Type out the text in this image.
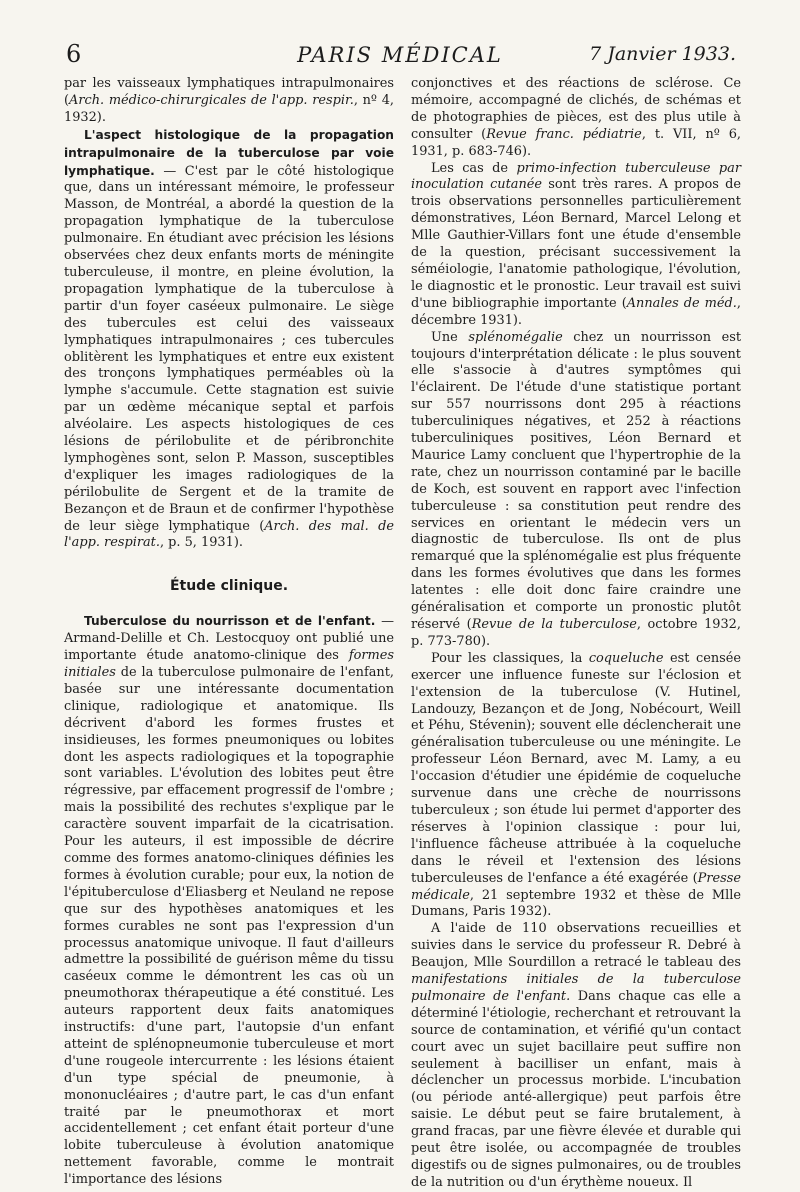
6	PARIS MÉDICAL	7 Janvier 1933.

par les vaisseaux lymphatiques intrapulmonaires (Arch. médico-chirurgicales de l'app. respir., nº 4, 1932).

L'aspect histologique de la propagation intrapulmonaire de la tuberculose par voie lymphatique. — C'est par le côté histologique que, dans un intéressant mémoire, le professeur Masson, de Montréal, a abordé la question de la propagation lymphatique de la tuberculose pulmonaire. En étudiant avec précision les lésions observées chez deux enfants morts de méningite tuberculeuse, il montre, en pleine évolution, la propagation lymphatique de la tuberculose à partir d'un foyer caséeux pulmonaire. Le siège des tubercules est celui des vaisseaux lymphatiques intrapulmonaires ; ces tubercules oblitèrent les lymphatiques et entre eux existent des tronçons lymphatiques perméables où la lymphe s'accumule. Cette stagnation est suivie par un œdème mécanique septal et parfois alvéolaire. Les aspects histologiques de ces lésions de périlobulite et de péribronchite lymphogènes sont, selon P. Masson, susceptibles d'expliquer les images radiologiques de la périlobulite de Sergent et de la tramite de Bezançon et de Braun et de confirmer l'hypothèse de leur siège lymphatique (Arch. des mal. de l'app. respirat., p. 5, 1931).

Étude clinique.

Tuberculose du nourrisson et de l'enfant. — Armand-Delille et Ch. Lestocquoy ont publié une importante étude anatomo-clinique des formes initiales de la tuberculose pulmonaire de l'enfant, basée sur une intéressante documentation clinique, radiologique et anatomique. Ils décrivent d'abord les formes frustes et insidieuses, les formes pneumoniques ou lobites dont les aspects radiologiques et la topographie sont variables. L'évolution des lobites peut être régressive, par effacement progressif de l'ombre ; mais la possibilité des rechutes s'explique par le caractère souvent imparfait de la cicatrisation. Pour les auteurs, il est impossible de décrire comme des formes anatomo-cliniques définies les formes à évolution curable; pour eux, la notion de l'épituberculose d'Eliasberg et Neuland ne repose que sur des hypothèses anatomiques et les formes curables ne sont pas l'expression d'un processus anatomique univoque. Il faut d'ailleurs admettre la possibilité de guérison même du tissu caséeux comme le démontrent les cas où un pneumothorax thérapeutique a été constitué. Les auteurs rapportent deux faits anatomiques instructifs: d'une part, l'autopsie d'un enfant atteint de splénopneumonie tuberculeuse et mort d'une rougeole intercurrente : les lésions étaient d'un type spécial de pneumonie, à mononucléaires ; d'autre part, le cas d'un enfant traité par le pneumothorax et mort accidentellement ; cet enfant était porteur d'une lobite tuberculeuse à évolution anatomique nettement favorable, comme le montrait l'importance des lésions

conjonctives et des réactions de sclérose. Ce mémoire, accompagné de clichés, de schémas et de photographies de pièces, est des plus utile à consulter (Revue franc. pédiatrie, t. VII, nº 6, 1931, p. 683-746).

Les cas de primo-infection tuberculeuse par inoculation cutanée sont très rares. A propos de trois observations personnelles particulièrement démonstratives, Léon Bernard, Marcel Lelong et Mlle Gauthier-Villars font une étude d'ensemble de la question, précisant successivement la séméiologie, l'anatomie pathologique, l'évolution, le diagnostic et le pronostic. Leur travail est suivi d'une bibliographie importante (Annales de méd., décembre 1931).

Une splénomégalie chez un nourrisson est toujours d'interprétation délicate : le plus souvent elle s'associe à d'autres symptômes qui l'éclairent. De l'étude d'une statistique portant sur 557 nourrissons dont 295 à réactions tuberculiniques négatives, et 252 à réactions tuberculiniques positives, Léon Bernard et Maurice Lamy concluent que l'hypertrophie de la rate, chez un nourrisson contaminé par le bacille de Koch, est souvent en rapport avec l'infection tuberculeuse : sa constitution peut rendre des services en orientant le médecin vers un diagnostic de tuberculose. Ils ont de plus remarqué que la splénomégalie est plus fréquente dans les formes évolutives que dans les formes latentes : elle doit donc faire craindre une généralisation et comporte un pronostic plutôt réservé (Revue de la tuberculose, octobre 1932, p. 773-780).

Pour les classiques, la coqueluche est censée exercer une influence funeste sur l'éclosion et l'extension de la tuberculose (V. Hutinel, Landouzy, Bezançon et de Jong, Nobécourt, Weill et Péhu, Stévenin); souvent elle déclencherait une généralisation tuberculeuse ou une méningite. Le professeur Léon Bernard, avec M. Lamy, a eu l'occasion d'étudier une épidémie de coqueluche survenue dans une crèche de nourrissons tuberculeux ; son étude lui permet d'apporter des réserves à l'opinion classique : pour lui, l'influence fâcheuse attribuée à la coqueluche dans le réveil et l'extension des lésions tuberculeuses de l'enfance a été exagérée (Presse médicale, 21 septembre 1932 et thèse de Mlle Dumans, Paris 1932).

A l'aide de 110 observations recueillies et suivies dans le service du professeur R. Debré à Beaujon, Mlle Sourdillon a retracé le tableau des manifestations initiales de la tuberculose pulmonaire de l'enfant. Dans chaque cas elle a déterminé l'étiologie, recherchant et retrouvant la source de contamination, et vérifié qu'un contact court avec un sujet bacillaire peut suffire non seulement à bacilliser un enfant, mais à déclencher un processus morbide. L'incubation (ou période anté-allergique) peut parfois être saisie. Le début peut se faire brutalement, à grand fracas, par une fièvre élevée et durable qui peut être isolée, ou accompagnée de troubles digestifs ou de signes pulmonaires, ou de troubles de la nutrition ou d'un érythème noueux. Il
